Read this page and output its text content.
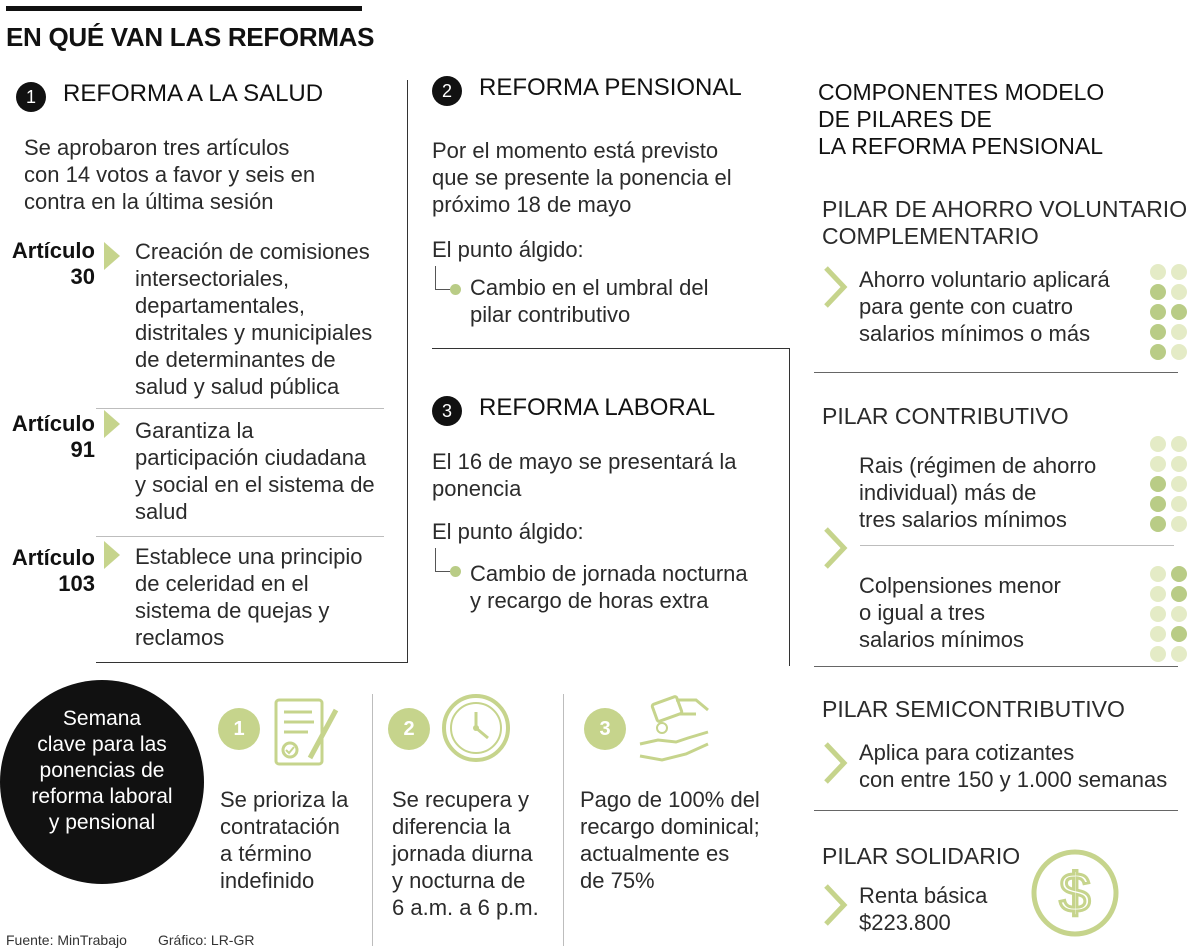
EN QUÉ VAN LAS REFORMAS
1	REFORMA A LA SALUD
Se aprobaron tres artículos
con 14 votos a favor y seis en
contra en la última sesión
Artículo
30
Creación de comisiones
intersectoriales,
departamentales,
distritales y municipiales
de determinantes de
salud y salud pública
Artículo
91
Garantiza la
participación ciudadana
y social en el sistema de
salud
Artículo
103
Establece una principio
de celeridad en el
sistema de quejas y
reclamos
2	REFORMA PENSIONAL
Por el momento está previsto
que se presente la ponencia el
próximo 18 de mayo
El punto álgido:
Cambio en el umbral del
pilar contributivo
3	REFORMA LABORAL
El 16 de mayo se presentará la
ponencia
El punto álgido:
Cambio de jornada nocturna
y recargo de horas extra
COMPONENTES MODELO
DE PILARES DE
LA REFORMA PENSIONAL
PILAR DE AHORRO VOLUNTARIO
COMPLEMENTARIO
Ahorro voluntario aplicará
para gente con cuatro
salarios mínimos o más
PILAR CONTRIBUTIVO
Rais (régimen de ahorro
individual) más de
tres salarios mínimos
Colpensiones menor
o igual a tres
salarios mínimos
PILAR SEMICONTRIBUTIVO
Aplica para cotizantes
con entre 150 y 1.000 semanas
PILAR SOLIDARIO
Renta básica
$223.800	$
Semana
clave para las
ponencias de
reforma laboral
y pensional
1
Se prioriza la
contratación
a término
indefinido
2
Se recupera y
diferencia la
jornada diurna
y nocturna de
6 a.m. a 6 p.m.
3
Pago de 100% del
recargo dominical;
actualmente es
de 75%
Fuente: MinTrabajo Gráfico: LR-GR
